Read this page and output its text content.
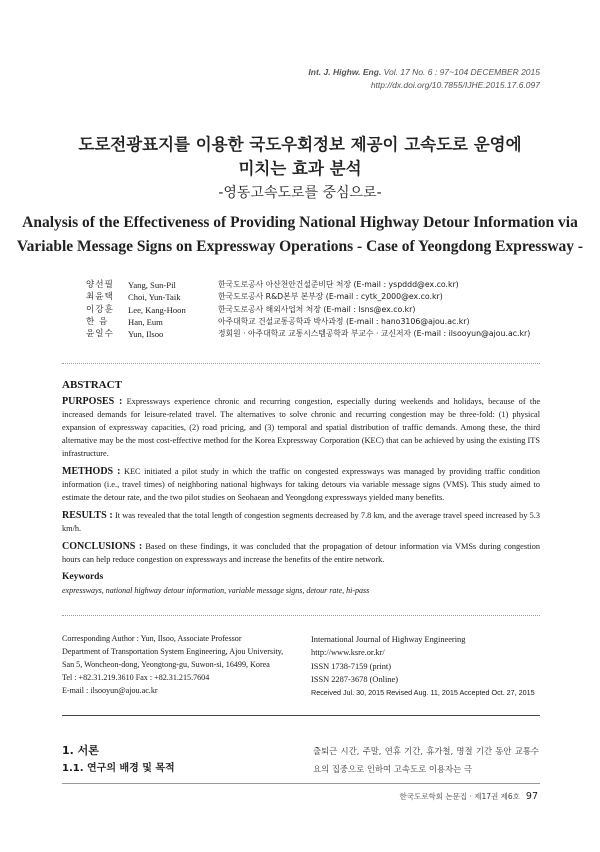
Int. J. Highw. Eng. Vol. 17 No. 6 : 97~104 DECEMBER 2015
http://dx.doi.org/10.7855/IJHE.2015.17.6.097
도로전광표지를 이용한 국도우회정보 제공이 고속도로 운영에
미치는 효과 분석
-영동고속도로를 중심으로-
Analysis of the Effectiveness of Providing National Highway Detour Information via
Variable Message Signs on Expressway Operations - Case of Yeongdong Expressway -
양선필	Yang, Sun-Pil	한국도로공사 아산천안건설준비단 처장 (E-mail : yspddd@ex.co.kr)
최윤택	Choi, Yun-Taik	한국도로공사 R&D본부 본부장 (E-mail : cytk_2000@ex.co.kr)
이강훈	Lee, Kang-Hoon	한국도로공사 해외사업처 처장 (E-mail : lsns@ex.co.kr)
한 음	Han, Eum	아주대학교 건설교통공학과 박사과정 (E-mail : hano3106@ajou.ac.kr)
윤일수	Yun, Ilsoo	정회원 · 아주대학교 교통시스템공학과 부교수 · 교신저자 (E-mail : ilsooyun@ajou.ac.kr)
ABSTRACT

PURPOSES : Expressways experience chronic and recurring congestion, especially during weekends and holidays, because of the increased demands for leisure-related travel. The alternatives to solve chronic and recurring congestion may be three-fold: (1) physical expansion of expressway capacities, (2) road pricing, and (3) temporal and spatial distribution of traffic demands. Among these, the third alternative may be the most cost-effective method for the Korea Expressway Corporation (KEC) that can be achieved by using the existing ITS infrastructure.

METHODS : KEC initiated a pilot study in which the traffic on congested expressways was managed by providing traffic condition information (i.e., travel times) of neighboring national highways for taking detours via variable message signs (VMS). This study aimed to estimate the detour rate, and the two pilot studies on Seohaean and Yeongdong expressways yielded many benefits.

RESULTS : It was revealed that the total length of congestion segments decreased by 7.8 km, and the average travel speed increased by 5.3 km/h.

CONCLUSIONS : Based on these findings, it was concluded that the propagation of detour information via VMSs during congestion hours can help reduce congestion on expressways and increase the benefits of the entire network.

Keywords
expressways, national highway detour information, variable message signs, detour rate, hi-pass
Corresponding Author : Yun, Ilsoo, Associate Professor
Department of Transportation System Engineering, Ajou University,
San 5, Woncheon-dong, Yeongtong-gu, Suwon-si, 16499, Korea
Tel : +82.31.219.3610 Fax : +82.31.215.7604
E-mail : ilsooyun@ajou.ac.kr
International Journal of Highway Engineering
http://www.ksre.or.kr/
ISSN 1738-7159 (print)
ISSN 2287-3678 (Online)
Received Jul. 30, 2015 Revised Aug. 11, 2015 Accepted Oct. 27, 2015
1. 서론
1.1. 연구의 배경 및 목적
출퇴근 시간, 주말, 연휴 기간, 휴가철, 명절 기간 동안 교통수요의 집중으로 인하여 고속도로 이용자는 극
한국도로학회 논문집 · 제17권 제6호 97
